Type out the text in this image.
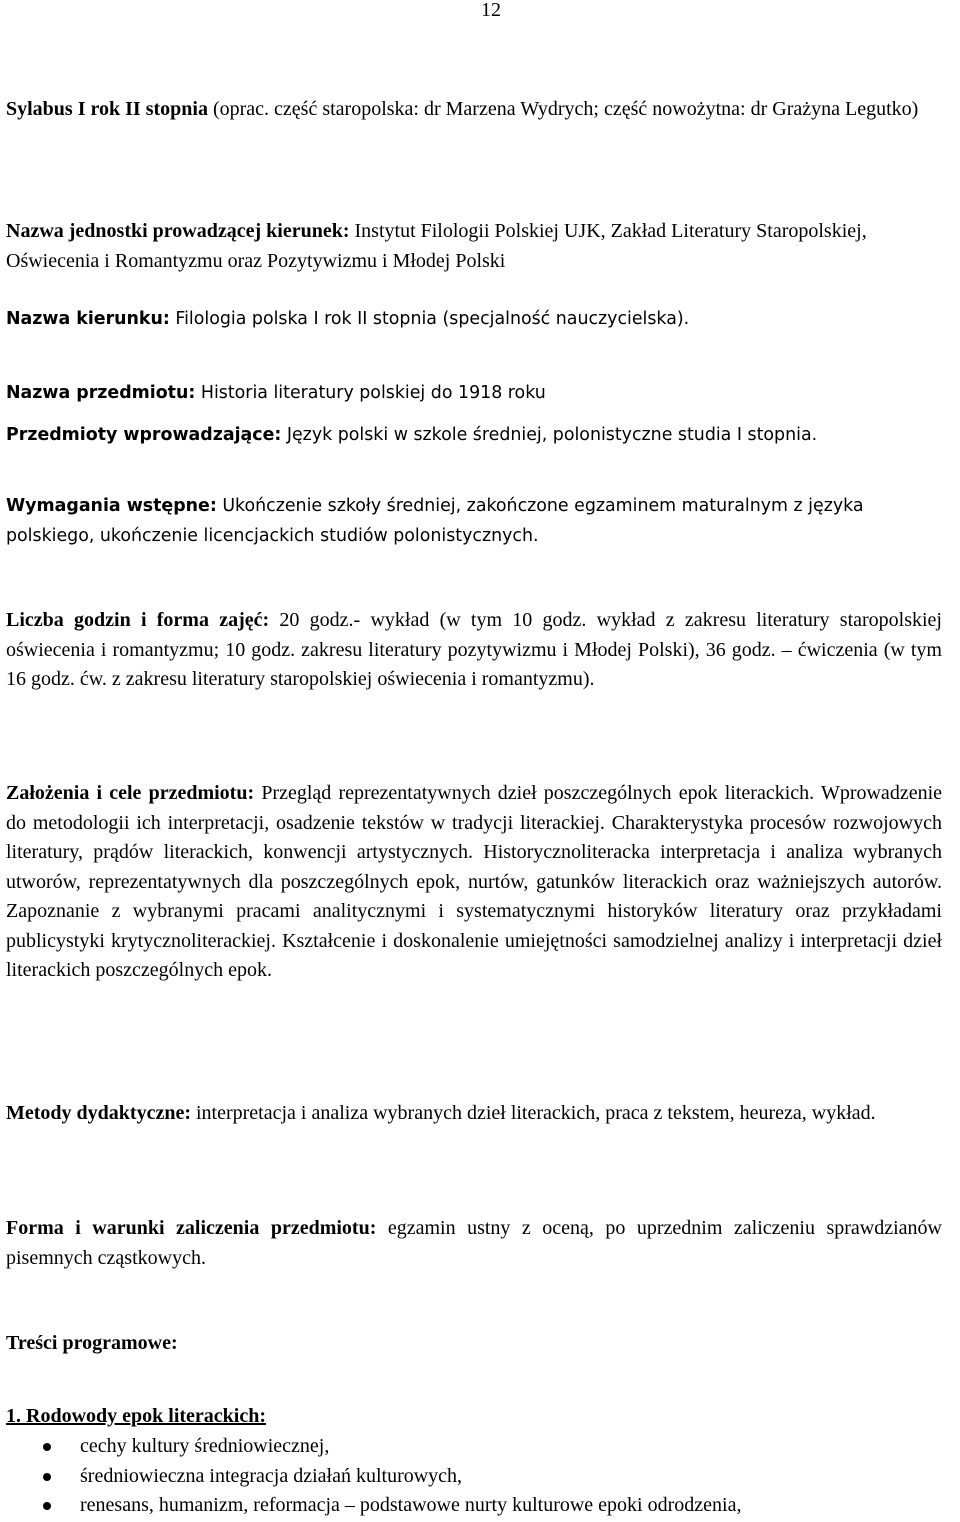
12

Sylabus I rok II stopnia (oprac. część staropolska: dr Marzena Wydrych; część nowożytna: dr Grażyna Legutko)

Nazwa jednostki prowadzącej kierunek: Instytut Filologii Polskiej UJK, Zakład Literatury Staropolskiej, Oświecenia i Romantyzmu oraz Pozytywizmu i Młodej Polski

Nazwa kierunku: Filologia polska I rok II stopnia (specjalność nauczycielska).

Nazwa przedmiotu: Historia literatury polskiej do 1918 roku

Przedmioty wprowadzające: Język polski w szkole średniej, polonistyczne studia I stopnia.

Wymagania wstępne: Ukończenie szkoły średniej, zakończone egzaminem maturalnym z języka polskiego, ukończenie licencjackich studiów polonistycznych.

Liczba godzin i forma zajęć: 20 godz.- wykład (w tym 10 godz. wykład z zakresu literatury staropolskiej oświecenia i romantyzmu; 10 godz. zakresu literatury pozytywizmu i Młodej Polski), 36 godz. – ćwiczenia (w tym 16 godz. ćw. z zakresu literatury staropolskiej oświecenia i romantyzmu).

Założenia i cele przedmiotu: Przegląd reprezentatywnych dzieł poszczególnych epok literackich. Wprowadzenie do metodologii ich interpretacji, osadzenie tekstów w tradycji literackiej. Charakterystyka procesów rozwojowych literatury, prądów literackich, konwencji artystycznych. Historycznoliteracka interpretacja i analiza wybranych utworów, reprezentatywnych dla poszczególnych epok, nurtów, gatunków literackich oraz ważniejszych autorów. Zapoznanie z wybranymi pracami analitycznymi i systematycznymi historyków literatury oraz przykładami publicystyki krytycznoliterackiej. Kształcenie i doskonalenie umiejętności samodzielnej analizy i interpretacji dzieł literackich poszczególnych epok.

Metody dydaktyczne: interpretacja i analiza wybranych dzieł literackich, praca z tekstem, heureza, wykład.

Forma i warunki zaliczenia przedmiotu: egzamin ustny z oceną, po uprzednim zaliczeniu sprawdzianów pisemnych cząstkowych.

Treści programowe:

1. Rodowody epok literackich:

cechy kultury średniowiecznej,
średniowieczna integracja działań kulturowych,
renesans, humanizm, reformacja – podstawowe nurty kulturowe epoki odrodzenia,
